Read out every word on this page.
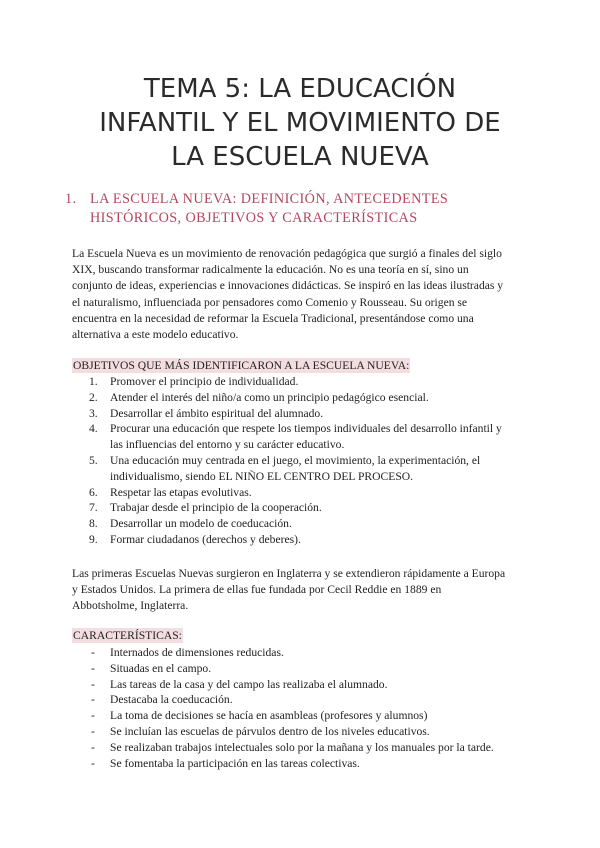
TEMA 5: LA EDUCACIÓN
INFANTIL Y EL MOVIMIENTO DE
LA ESCUELA NUEVA
1. LA ESCUELA NUEVA: DEFINICIÓN, ANTECEDENTES
HISTÓRICOS, OBJETIVOS Y CARACTERÍSTICAS
La Escuela Nueva es un movimiento de renovación pedagógica que surgió a finales del siglo
XIX, buscando transformar radicalmente la educación. No es una teoría en sí, sino un
conjunto de ideas, experiencias e innovaciones didácticas. Se inspiró en las ideas ilustradas y
el naturalismo, influenciada por pensadores como Comenio y Rousseau. Su origen se
encuentra en la necesidad de reformar la Escuela Tradicional, presentándose como una
alternativa a este modelo educativo.
OBJETIVOS QUE MÁS IDENTIFICARON A LA ESCUELA NUEVA:
1. Promover el principio de individualidad.
2. Atender el interés del niño/a como un principio pedagógico esencial.
3. Desarrollar el ámbito espiritual del alumnado.
4. Procurar una educación que respete los tiempos individuales del desarrollo infantil y
las influencias del entorno y su carácter educativo.
5. Una educación muy centrada en el juego, el movimiento, la experimentación, el
individualismo, siendo EL NIÑO EL CENTRO DEL PROCESO.
6. Respetar las etapas evolutivas.
7. Trabajar desde el principio de la cooperación.
8. Desarrollar un modelo de coeducación.
9. Formar ciudadanos (derechos y deberes).
Las primeras Escuelas Nuevas surgieron en Inglaterra y se extendieron rápidamente a Europa
y Estados Unidos. La primera de ellas fue fundada por Cecil Reddie en 1889 en
Abbotsholme, Inglaterra.
CARACTERÍSTICAS:
- Internados de dimensiones reducidas.
- Situadas en el campo.
- Las tareas de la casa y del campo las realizaba el alumnado.
- Destacaba la coeducación.
- La toma de decisiones se hacía en asambleas (profesores y alumnos)
- Se incluían las escuelas de párvulos dentro de los niveles educativos.
- Se realizaban trabajos intelectuales solo por la mañana y los manuales por la tarde.
- Se fomentaba la participación en las tareas colectivas.
